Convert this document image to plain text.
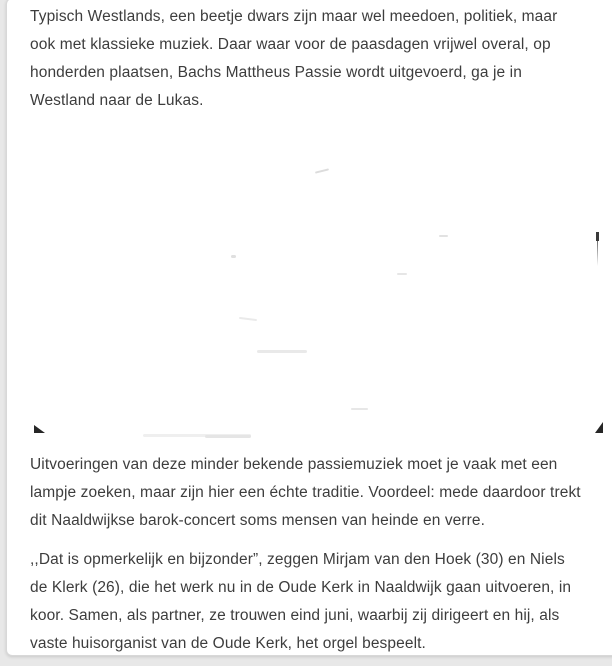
Typisch Westlands, een beetje dwars zijn maar wel meedoen, politiek, maar
ook met klassieke muziek. Daar waar voor de paasdagen vrijwel overal, op
honderden plaatsen, Bachs Mattheus Passie wordt uitgevoerd, ga je in
Westland naar de Lukas.
Uitvoeringen van deze minder bekende passiemuziek moet je vaak met een
lampje zoeken, maar zijn hier een échte traditie. Voordeel: mede daardoor trekt
dit Naaldwijkse barok-concert soms mensen van heinde en verre.
,,Dat is opmerkelijk en bijzonder”, zeggen Mirjam van den Hoek (30) en Niels
de Klerk (26), die het werk nu in de Oude Kerk in Naaldwijk gaan uitvoeren, in
koor. Samen, als partner, ze trouwen eind juni, waarbij zij dirigeert en hij, als
vaste huisorganist van de Oude Kerk, het orgel bespeelt.
